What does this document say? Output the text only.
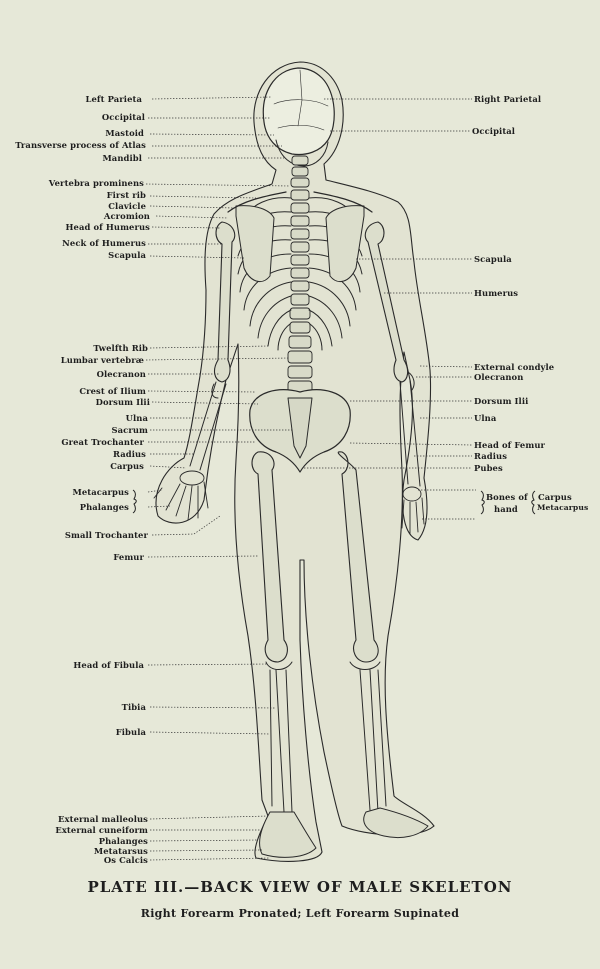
Left Parieta
Occipital
Mastoid
Transverse process of Atlas
Mandibl
Vertebra prominens
First rib
Clavicle
Acromion
Head of Humerus
Neck of Humerus
Scapula
Twelfth Rib
Lumbar vertebræ
Olecranon
Crest of Ilium
Dorsum Ilii
Ulna
Sacrum
Great Trochanter
Radius
Carpus
Metacarpus
Phalanges
Small Trochanter
Femur
Head of Fibula
Tibia
Fibula
External malleolus
External cuneiform
Phalanges
Metatarsus
Os Calcis
Right Parietal
Occipital
Scapula
Humerus
External condyle
Olecranon
Dorsum Ilii
Ulna
Head of Femur
Radius
Pubes
Bones of
hand
Carpus
Metacarpus
PLATE III.—BACK VIEW OF MALE SKELETON
Right Forearm Pronated; Left Forearm Supinated
